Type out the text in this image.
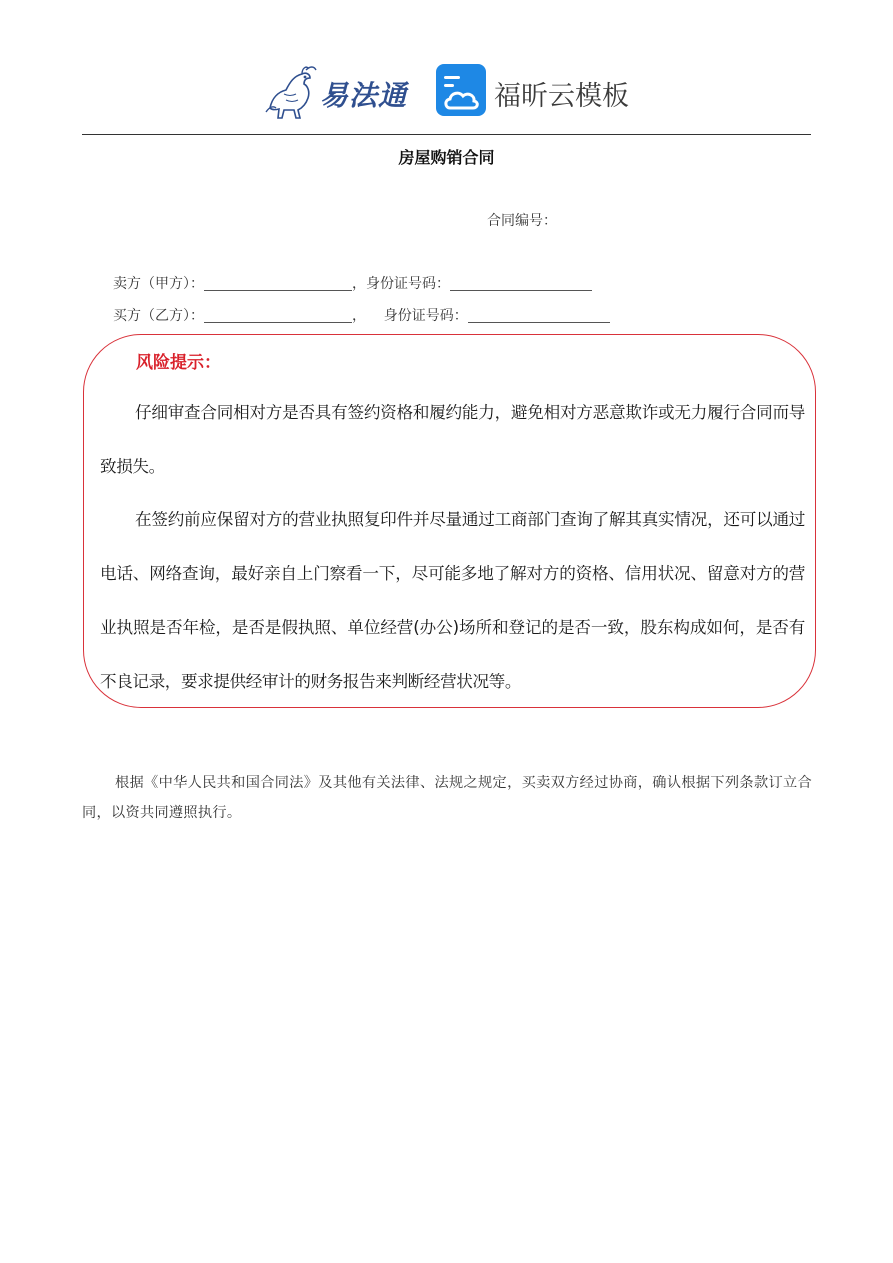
易法通	福昕云模板
房屋购销合同
合同编号：
卖方（甲方）：	，身份证号码：
买方（乙方）：	，    身份证号码：
风险提示：

仔细审查合同相对方是否具有签约资格和履约能力，避免相对方恶意欺诈或无力履行合同而导致损失。

在签约前应保留对方的营业执照复印件并尽量通过工商部门查询了解其真实情况，还可以通过电话、网络查询，最好亲自上门察看一下，尽可能多地了解对方的资格、信用状况、留意对方的营业执照是否年检，是否是假执照、单位经营(办公)场所和登记的是否一致，股东构成如何，是否有不良记录，要求提供经审计的财务报告来判断经营状况等。

根据《中华人民共和国合同法》及其他有关法律、法规之规定，买卖双方经过协商，确认根据下列条款订立合同，以资共同遵照执行。
